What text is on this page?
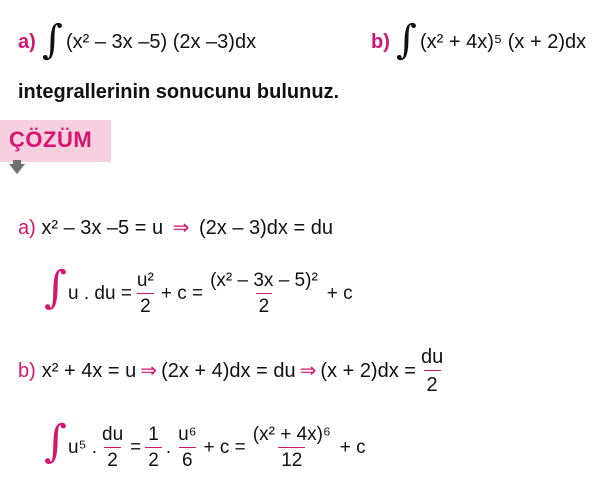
a) ∫ (x² – 3x –5) (2x –3)dx	b) ∫ (x² + 4x)⁵ (x + 2)dx
integrallerinin sonucunu bulunuz.
ÇÖZÜM
a) x² – 3x –5 = u ⇒ (2x – 3)dx = du
∫ u . du = $\frac{\text{u²}}{2} + c = \frac{\text{(x² – 3x – 5)²}}{2} + c$
b) x² + 4x = u ⇒ (2x + 4)dx = du ⇒ $(x + 2)dx = \frac{du}{2}$
∫ u⁵ . $\frac{du}{2} = \frac{1}{2}$ . $\frac{\text{u⁶}}{6} + c = \frac{\text{(x² + 4x)⁶}}{12} + c$
